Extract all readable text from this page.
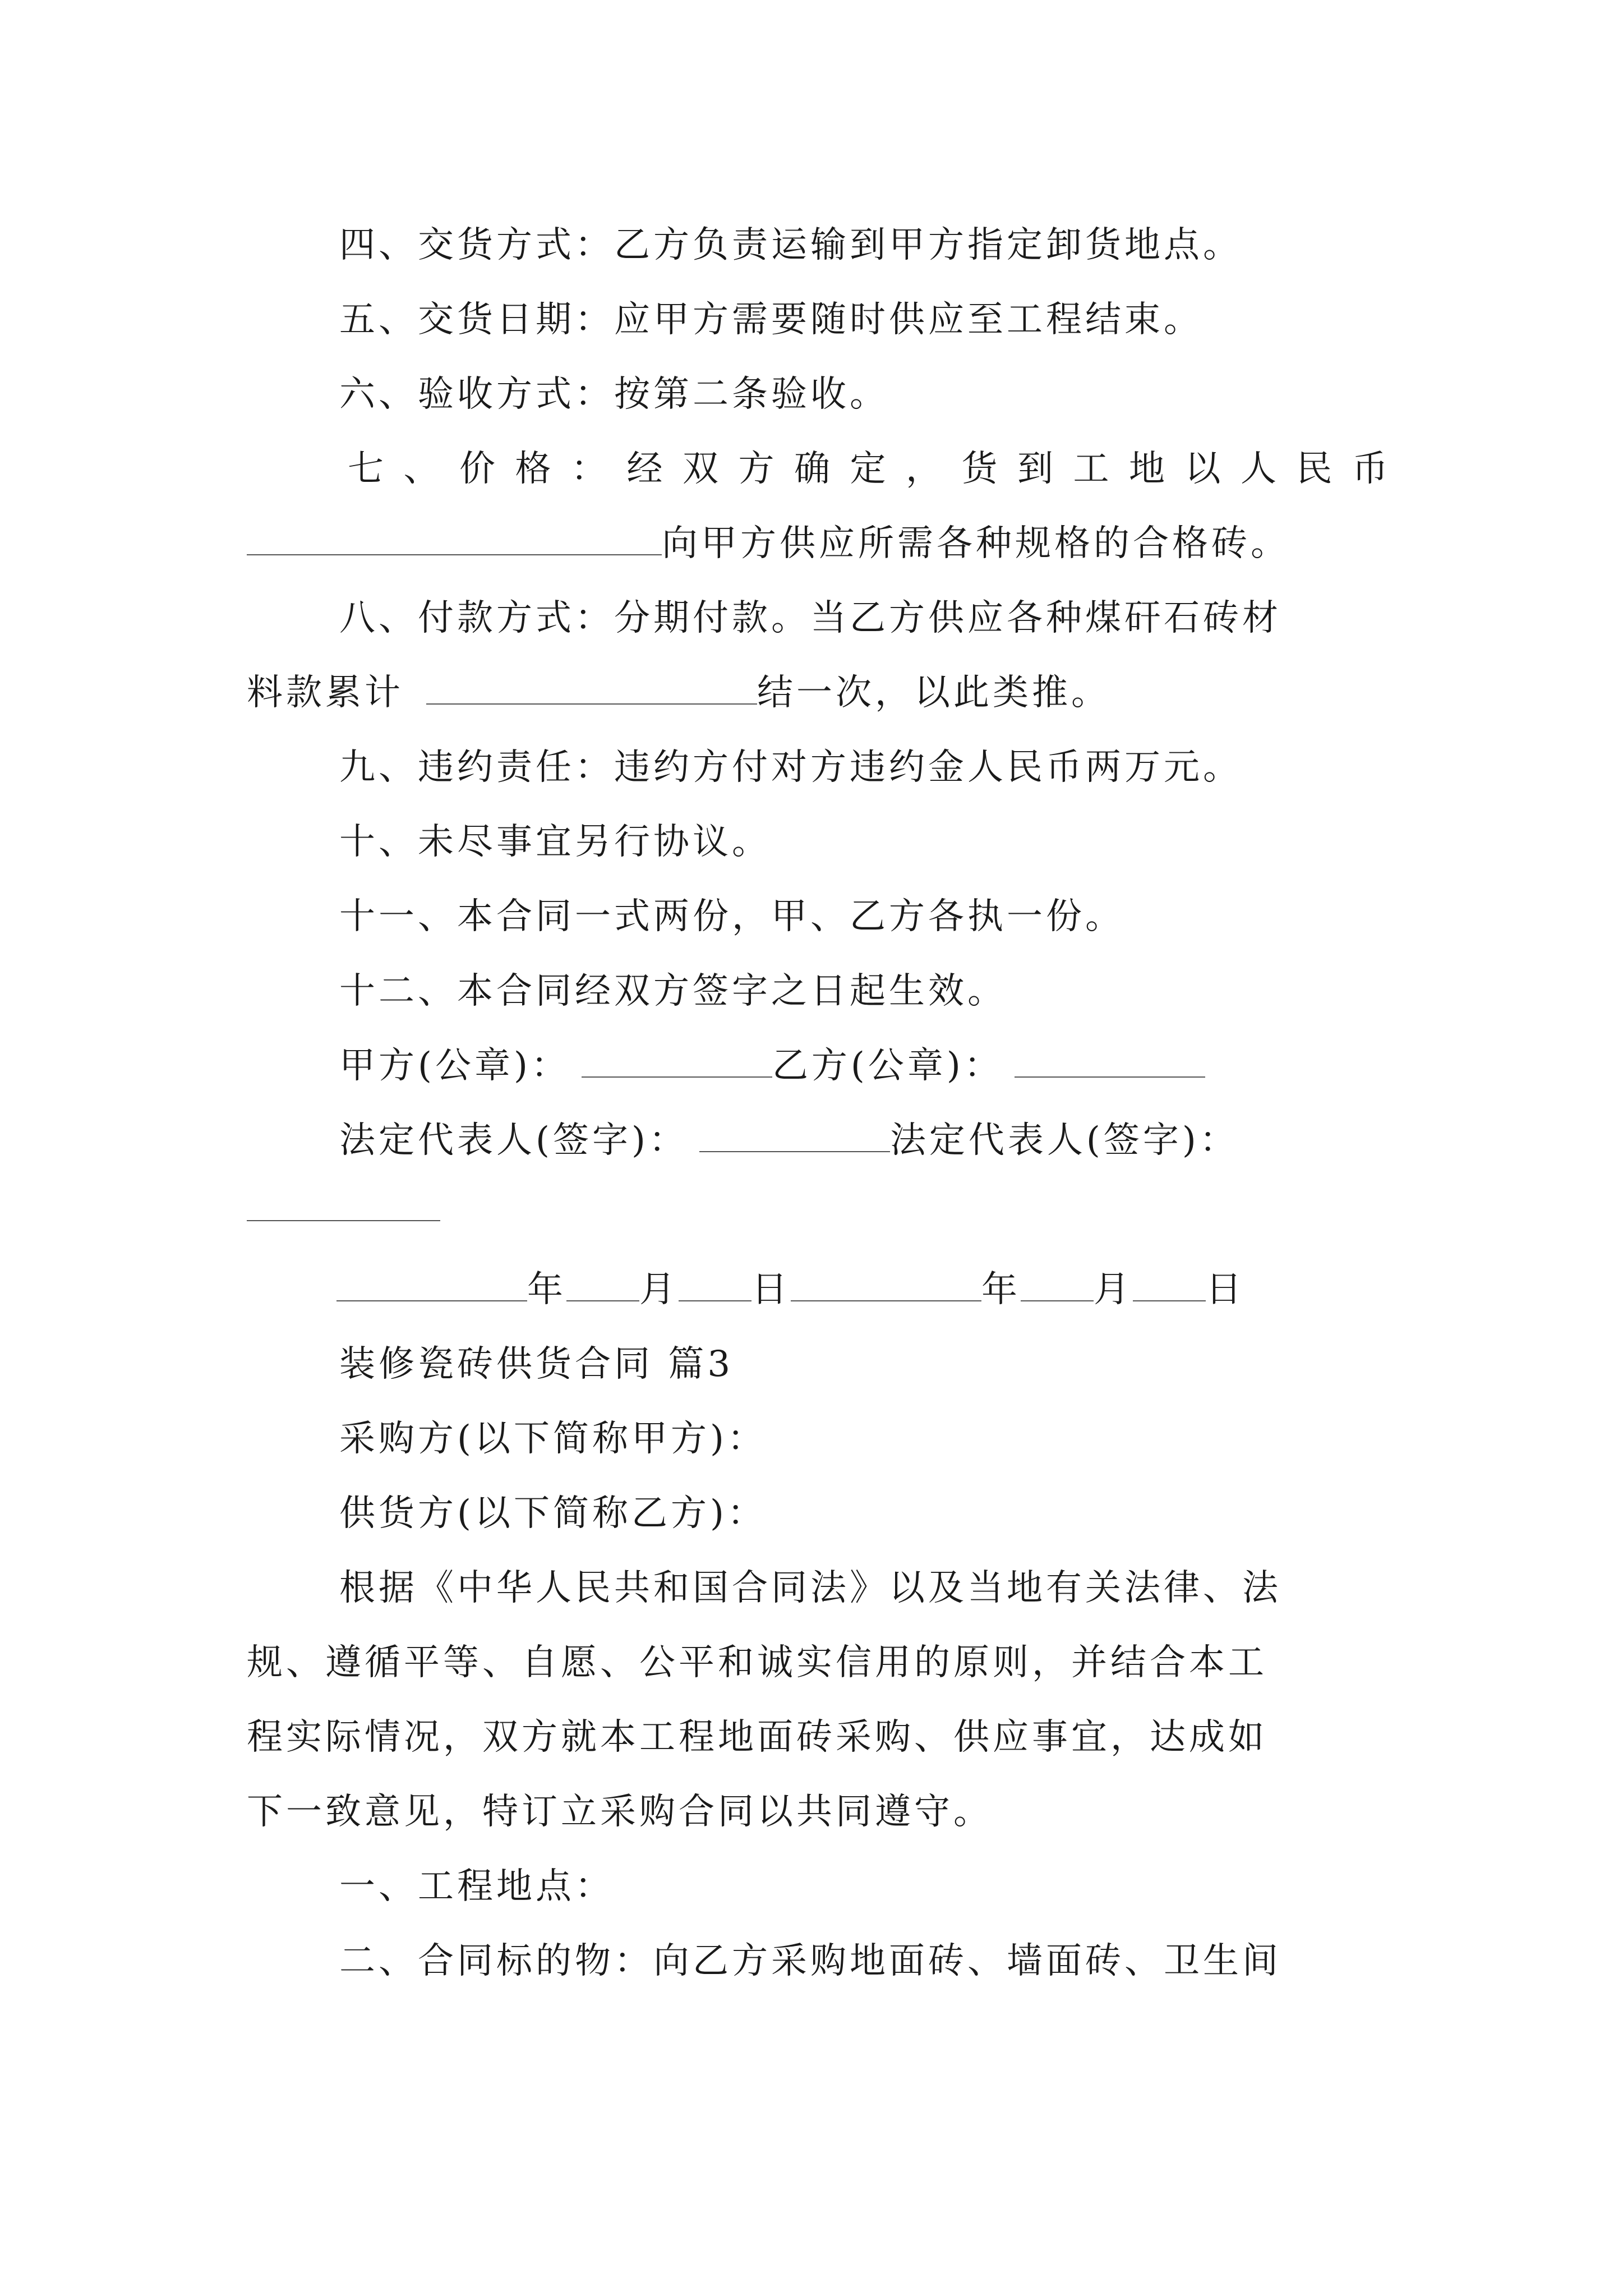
四、交货方式：乙方负责运输到甲方指定卸货地点。
五、交货日期：应甲方需要随时供应至工程结束。
六、验收方式：按第二条验收。
七 、 价 格 ： 经 双 方 确 定 ， 货 到 工 地 以 人 民 币
向甲方供应所需各种规格的合格砖。
八、付款方式：分期付款。当乙方供应各种煤矸石砖材
料款累计	结一次，以此类推。
九、违约责任：违约方付对方违约金人民币两万元。
十、未尽事宜另行协议。
十一、本合同一式两份，甲、乙方各执一份。
十二、本合同经双方签字之日起生效。
甲方(公章)：	乙方(公章)：
法定代表人(签字)：	法定代表人(签字)：
年 月 日	年 月 日
装修瓷砖供货合同 篇3
采购方(以下简称甲方)：
供货方(以下简称乙方)：
根据《中华人民共和国合同法》以及当地有关法律、法
规、遵循平等、自愿、公平和诚实信用的原则，并结合本工
程实际情况，双方就本工程地面砖采购、供应事宜，达成如
下一致意见，特订立采购合同以共同遵守。
一、工程地点：
二、合同标的物：向乙方采购地面砖、墙面砖、卫生间
